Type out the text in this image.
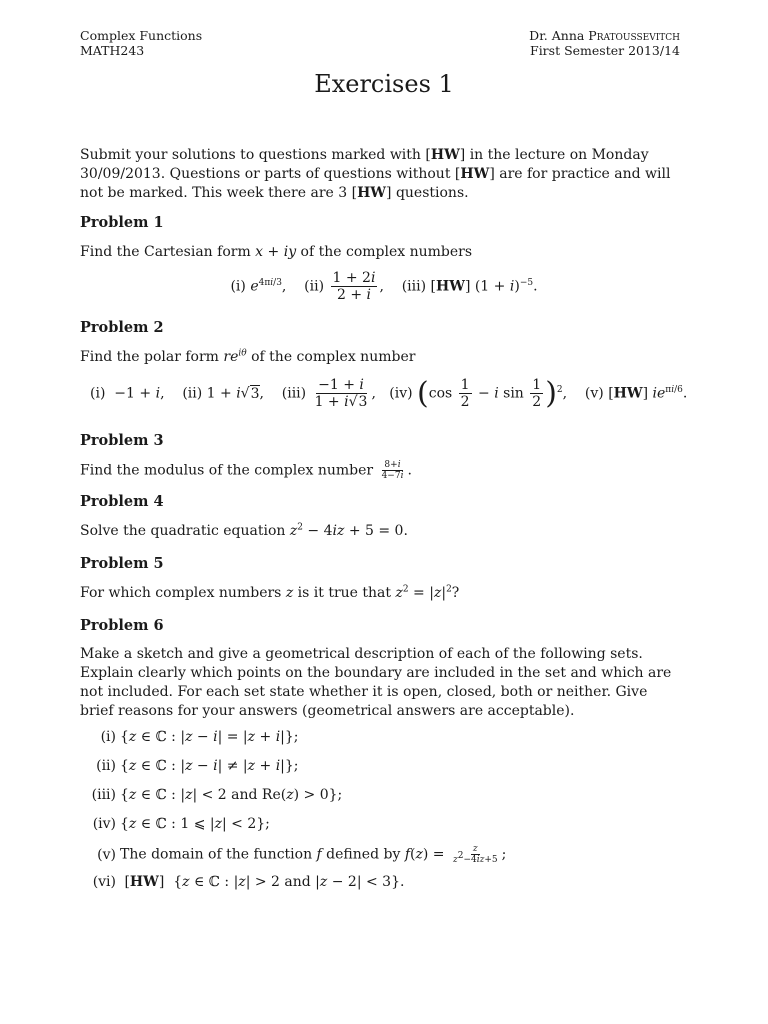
Complex Functions
MATH243
Dr. Anna Pratoussevitch
First Semester 2013/14
Exercises 1
Submit your solutions to questions marked with [HW] in the lecture on Monday 30/09/2013. Questions or parts of questions without [HW] are for practice and will not be marked. This week there are 3 [HW] questions.
Problem 1
Find the Cartesian form x + iy of the complex numbers
(i) $e^{4\pi i/3}$,    $(ii) \frac{1 + 2i}{2 + i}$ ,    (iii) [HW] $(1 + i)^{-5}$.
Problem 2
Find the polar form $re^{i\theta}$ of the complex number
(i)  −1 + i,    (ii) 1 + i√3,    $(iii) \frac{-1 + i}{1 + i√3}$ ,   (iv) ($\cos \frac{1}{2} - i$ $\sin \frac{1}{2} )^2$,    (v) [HW] $ie^{\pi i/6}$.
Problem 3
Find the modulus of the complex number $\frac{8+i}{4-7i}$ .
Problem 4
Solve the quadratic equation $z^2 - 4iz + 5 = 0$.
Problem 5
For which complex numbers z is it true that $z^2 = |z|^2$?
Problem 6
Make a sketch and give a geometrical description of each of the following sets. Explain clearly which points on the boundary are included in the set and which are not included. For each set state whether it is open, closed, both or neither. Give brief reasons for your answers (geometrical answers are acceptable).
(i) {z ∈ ℂ : |z − i| = |z + i|};
(ii) {z ∈ ℂ : |z − i| ≠ |z + i|};
(iii) {z ∈ ℂ : |z| < 2 and Re(z) > 0};
(iv) {z ∈ ℂ : 1 ⩽ |z| < 2};
(v) The domain of the function f defined by $f(z) = \frac{z}{z^2-4iz+5}$ ;
(vi) [HW]  {z ∈ ℂ : |z| > 2 and |z − 2| < 3}.
